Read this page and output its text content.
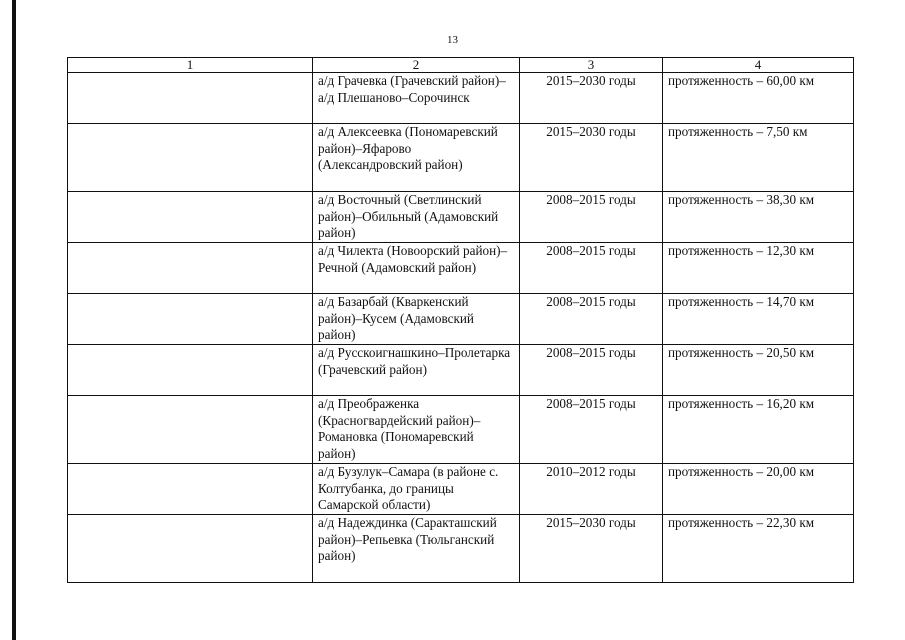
13
1	2	3	4
	а/д Грачевка (Грачевский район)–а/д Плешаново–Сорочинск	2015–2030 годы	протяженность – 60,00 км
	а/д Алексеевка (Пономаревский район)–Яфарово (Александровский район)	2015–2030 годы	протяженность – 7,50 км
	а/д Восточный (Светлинский район)–Обильный (Адамовский район)	2008–2015 годы	протяженность – 38,30 км
	а/д Чилекта (Новоорский район)–Речной (Адамовский район)	2008–2015 годы	протяженность – 12,30 км
	а/д Базарбай (Кваркенский район)–Кусем (Адамовский район)	2008–2015 годы	протяженность – 14,70 км
	а/д Русскоигнашкино–Пролетарка (Грачевский район)	2008–2015 годы	протяженность – 20,50 км
	а/д Преображенка (Красногвардейский район)–Романовка (Пономаревский район)	2008–2015 годы	протяженность – 16,20 км
	а/д Бузулук–Самара (в районе с. Колтубанка, до границы Самарской области)	2010–2012 годы	протяженность – 20,00 км
	а/д Надеждинка (Саракташский район)–Репьевка (Тюльганский район)	2015–2030 годы	протяженность – 22,30 км
